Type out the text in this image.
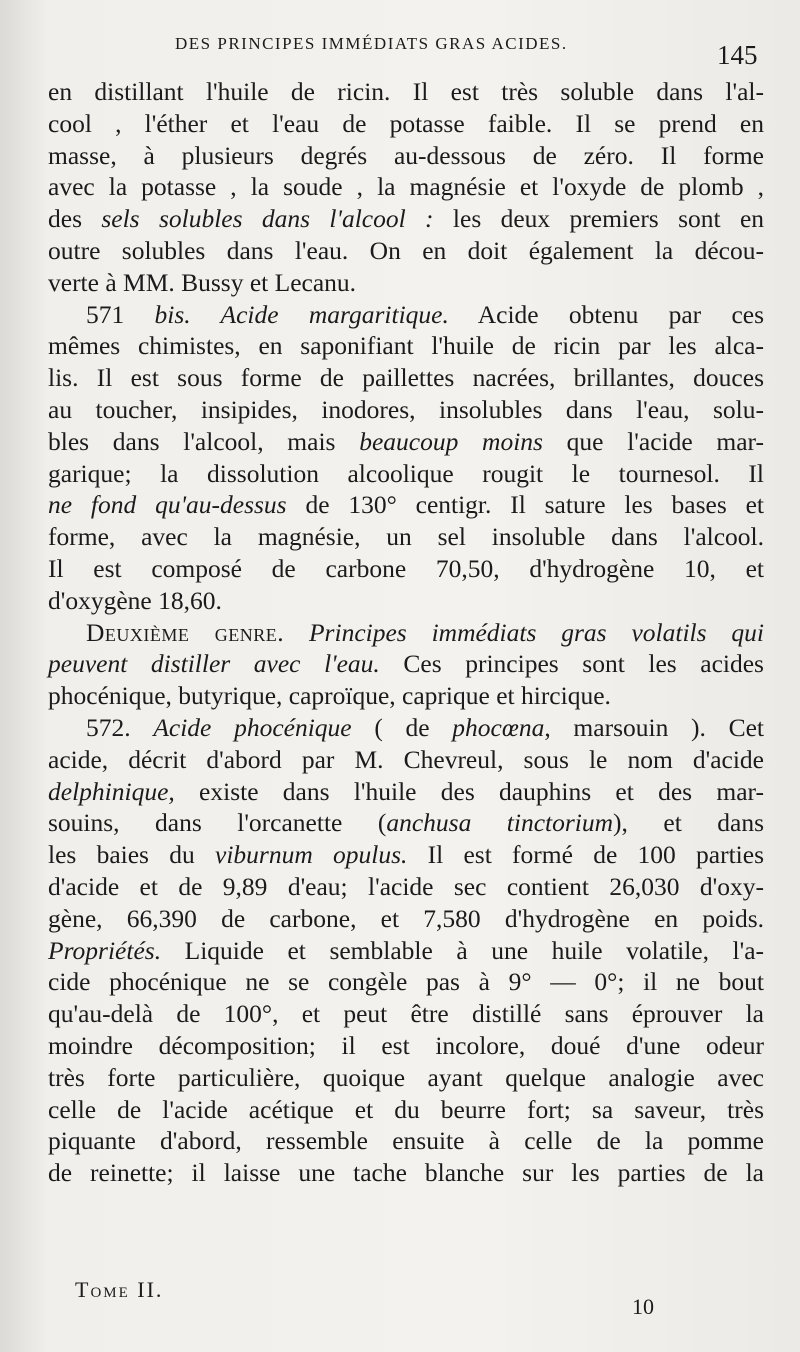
DES PRINCIPES IMMÉDIATS GRAS ACIDES.	145
en distillant l'huile de ricin. Il est très soluble dans l'al-
cool , l'éther et l'eau de potasse faible. Il se prend en
masse, à plusieurs degrés au-dessous de zéro. Il forme
avec la potasse , la soude , la magnésie et l'oxyde de plomb ,
des sels solubles dans l'alcool : les deux premiers sont en
outre solubles dans l'eau. On en doit également la décou-
verte à MM. Bussy et Lecanu.
571 bis. Acide margaritique. Acide obtenu par ces
mêmes chimistes, en saponifiant l'huile de ricin par les alca-
lis. Il est sous forme de paillettes nacrées, brillantes, douces
au toucher, insipides, inodores, insolubles dans l'eau, solu-
bles dans l'alcool, mais beaucoup moins que l'acide mar-
garique; la dissolution alcoolique rougit le tournesol. Il
ne fond qu'au-dessus de 130° centigr. Il sature les bases et
forme, avec la magnésie, un sel insoluble dans l'alcool.
Il est composé de carbone 70,50, d'hydrogène 10, et
d'oxygène 18,60.
Deuxième genre. Principes immédiats gras volatils qui
peuvent distiller avec l'eau. Ces principes sont les acides
phocénique, butyrique, caproïque, caprique et hircique.
572. Acide phocénique ( de phocœna, marsouin ). Cet
acide, décrit d'abord par M. Chevreul, sous le nom d'acide
delphinique, existe dans l'huile des dauphins et des mar-
souins, dans l'orcanette (anchusa tinctorium), et dans
les baies du viburnum opulus. Il est formé de 100 parties
d'acide et de 9,89 d'eau; l'acide sec contient 26,030 d'oxy-
gène, 66,390 de carbone, et 7,580 d'hydrogène en poids.
Propriétés. Liquide et semblable à une huile volatile, l'a-
cide phocénique ne se congèle pas à 9° — 0°; il ne bout
qu'au-delà de 100°, et peut être distillé sans éprouver la
moindre décomposition; il est incolore, doué d'une odeur
très forte particulière, quoique ayant quelque analogie avec
celle de l'acide acétique et du beurre fort; sa saveur, très
piquante d'abord, ressemble ensuite à celle de la pomme
de reinette; il laisse une tache blanche sur les parties de la
Tome II.
10
